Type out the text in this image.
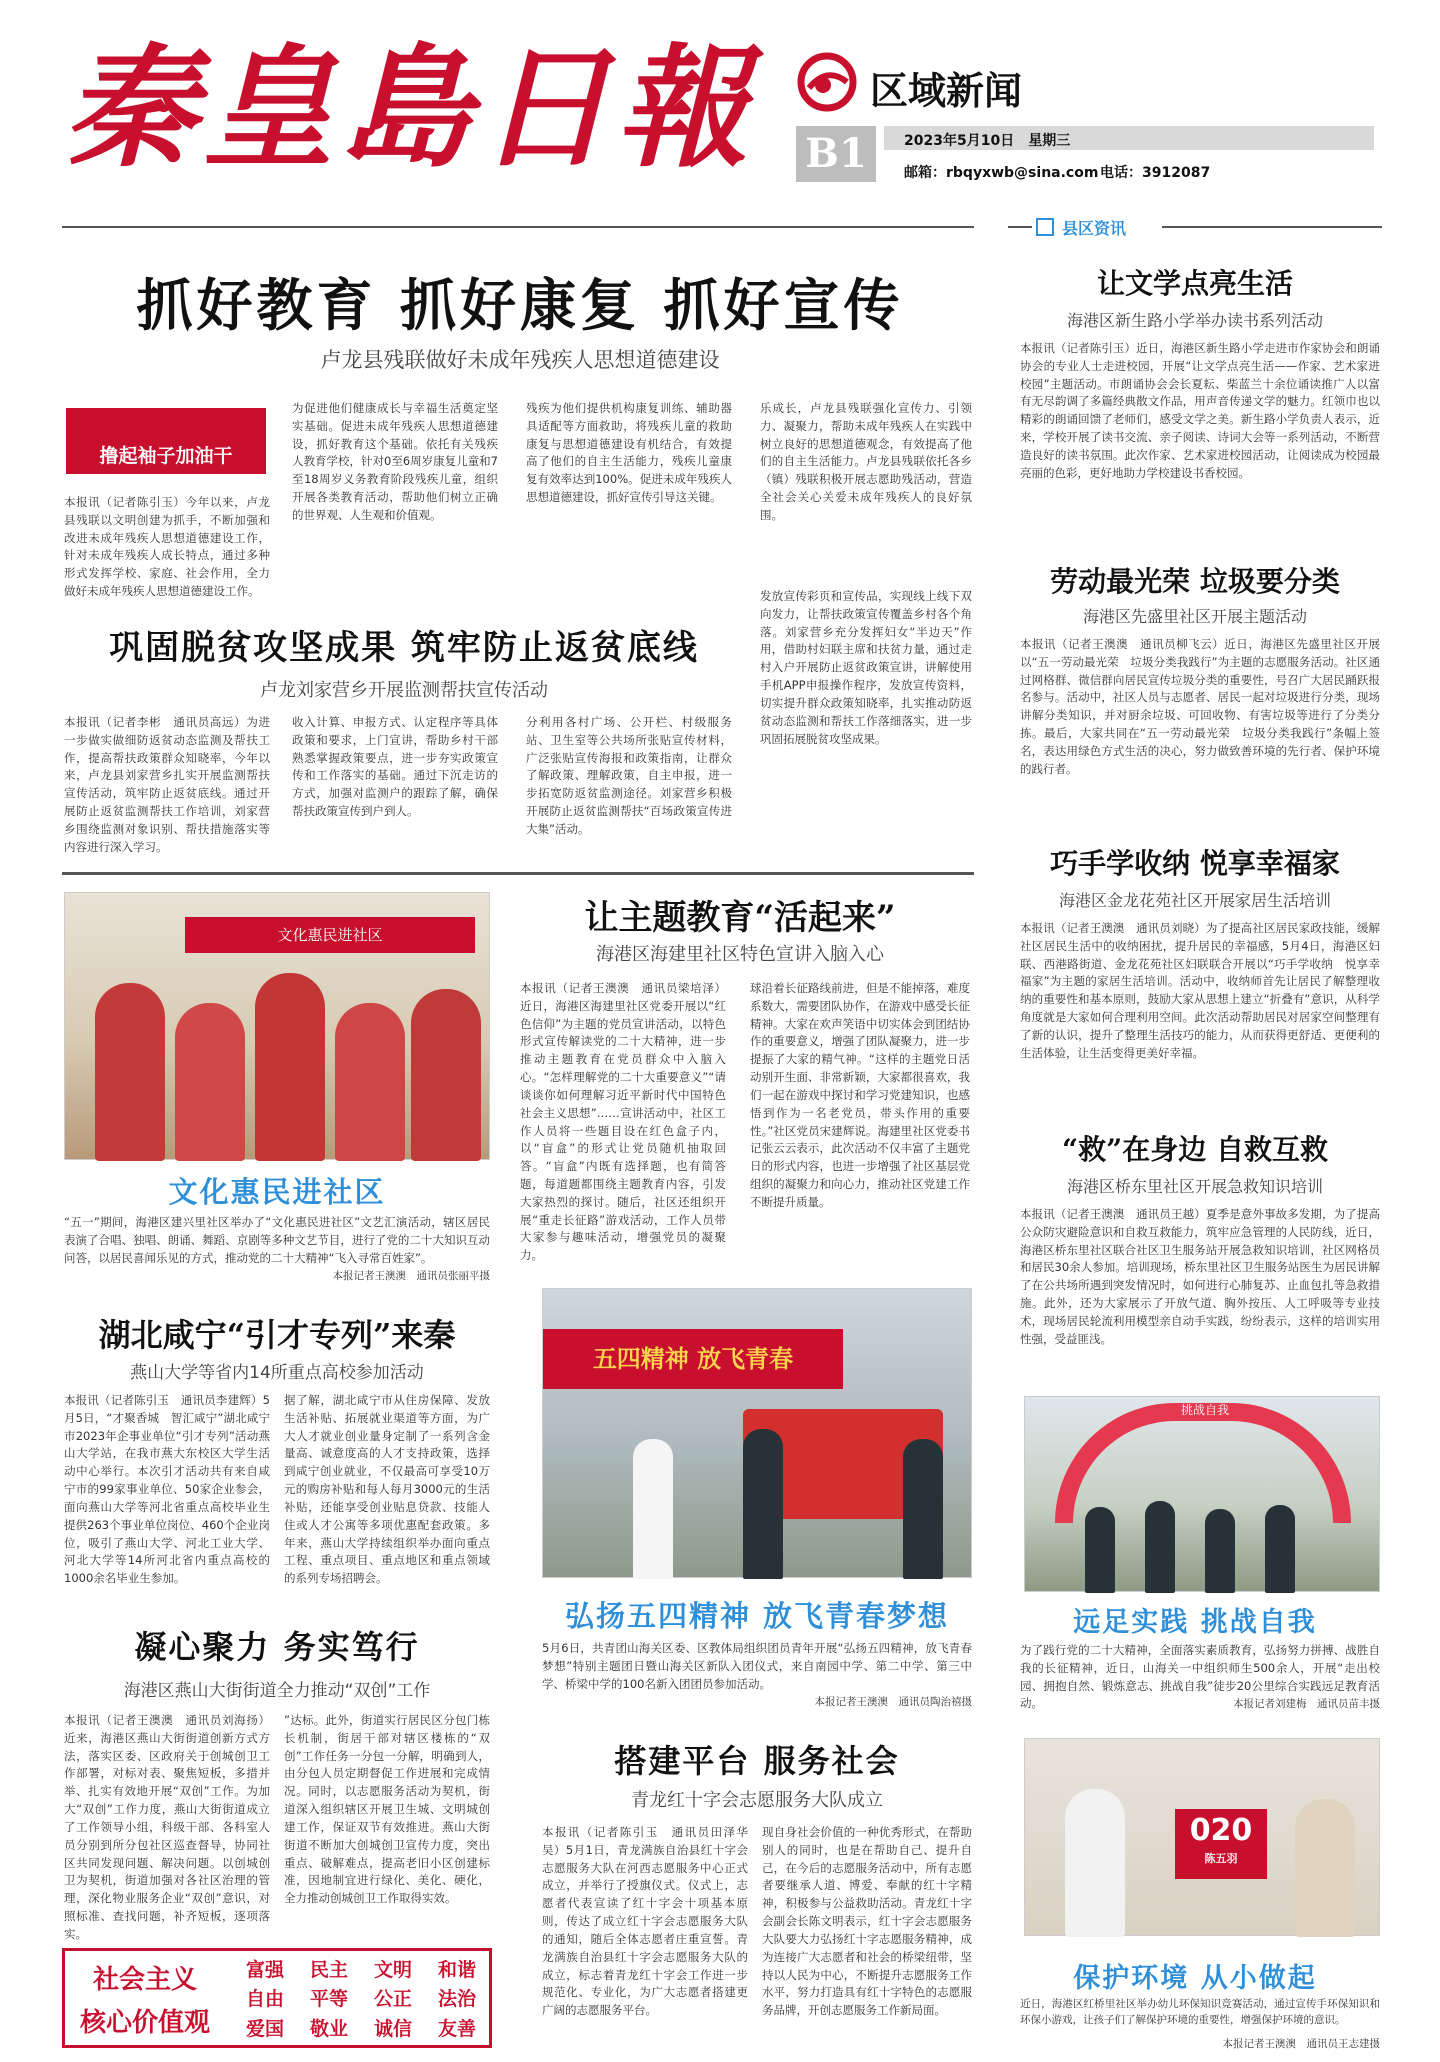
秦皇島日報	区域新闻
B1	2023年5月10日　星期三
邮箱：rbqyxwb@sina.com 电话：3912087
抓好教育 抓好康复 抓好宣传
卢龙县残联做好未成年残疾人思想道德建设

撸起袖子加油干
风雨无阻向前行

本报讯（记者陈引玉）今年以来，卢龙县残联以文明创建为抓手，不断加强和改进未成年残疾人思想道德建设工作，针对未成年残疾人成长特点，通过多种形式发挥学校、家庭、社会作用，全力做好未成年残疾人思想道德建设工作。
为促进他们健康成长与幸福生活奠定坚实基础。促进未成年残疾人思想道德建设，抓好教育这个基础。依托有关残疾人教育学校，针对0至6周岁康复儿童和7至18周岁义务教育阶段残疾儿童，组织开展各类教育活动，帮助他们树立正确的世界观、人生观和价值观。
残疾为他们提供机构康复训练、辅助器具适配等方面救助，将残疾儿童的救助康复与思想道德建设有机结合，有效提高了他们的自主生活能力，残疾儿童康复有效率达到100%。促进未成年残疾人思想道德建设，抓好宣传引导这关键。
乐成长，卢龙县残联强化宣传力、引领力、凝聚力，帮助未成年残疾人在实践中树立良好的思想道德观念，有效提高了他们的自主生活能力。卢龙县残联依托各乡（镇）残联积极开展志愿助残活动，营造全社会关心关爱未成年残疾人的良好氛围。
巩固脱贫攻坚成果 筑牢防止返贫底线
卢龙刘家营乡开展监测帮扶宣传活动
本报讯（记者李彬　通讯员高远）为进一步做实做细防返贫动态监测及帮扶工作，提高帮扶政策群众知晓率，今年以来，卢龙县刘家营乡扎实开展监测帮扶宣传活动，筑牢防止返贫底线。通过开展防止返贫监测帮扶工作培训，刘家营乡围绕监测对象识别、帮扶措施落实等内容进行深入学习。
收入计算、申报方式、认定程序等具体政策和要求，上门宣讲，帮助乡村干部熟悉掌握政策要点，进一步夯实政策宣传和工作落实的基础。通过下沉走访的方式，加强对监测户的跟踪了解，确保帮扶政策宣传到户到人。
分利用各村广场、公开栏、村级服务站、卫生室等公共场所张贴宣传材料，广泛张贴宣传海报和政策指南，让群众了解政策、理解政策，自主申报，进一步拓宽防返贫监测途径。刘家营乡积极开展防止返贫监测帮扶“百场政策宣传进大集”活动。
发放宣传彩页和宣传品，实现线上线下双向发力，让帮扶政策宣传覆盖乡村各个角落。刘家营乡充分发挥妇女“半边天”作用，借助村妇联主席和扶贫力量，通过走村入户开展防止返贫政策宣讲，讲解使用手机APP申报操作程序，发放宣传资料，切实提升群众政策知晓率，扎实推动防返贫动态监测和帮扶工作落细落实，进一步巩固拓展脱贫攻坚成果。
文化惠民进社区
文化惠民进社区
“五一”期间，海港区建兴里社区举办了“文化惠民进社区”文艺汇演活动，辖区居民表演了合唱、独唱、朗诵、舞蹈、京剧等多种文艺节目，进行了党的二十大知识互动问答，以居民喜闻乐见的方式，推动党的二十大精神“飞入寻常百姓家”。
本报记者王澳澳　通讯员张丽平摄
让主题教育“活起来”
海港区海建里社区特色宣讲入脑入心
本报讯（记者王澳澳　通讯员梁培泽）近日，海港区海建里社区党委开展以“红色信仰”为主题的党员宣讲活动，以特色形式宣传解读党的二十大精神，进一步推动主题教育在党员群众中入脑入心。“怎样理解党的二十大重要意义”“请谈谈你如何理解习近平新时代中国特色社会主义思想”……宣讲活动中，社区工作人员将一些题目设在红色盒子内，以“盲盒”的形式让党员随机抽取回答。“盲盒”内既有选择题，也有简答题，每道题都围绕主题教育内容，引发大家热烈的探讨。随后，社区还组织开展“重走长征路”游戏活动，工作人员带大家参与趣味活动，增强党员的凝聚力。
球沿着长征路线前进，但是不能掉落，难度系数大，需要团队协作，在游戏中感受长征精神。大家在欢声笑语中切实体会到团结协作的重要意义，增强了团队凝聚力，进一步提振了大家的精气神。“这样的主题党日活动别开生面、非常新颖，大家都很喜欢，我们一起在游戏中探讨和学习党建知识，也感悟到作为一名老党员，带头作用的重要性。”社区党员宋建辉说。海建里社区党委书记张云云表示，此次活动不仅丰富了主题党日的形式内容，也进一步增强了社区基层党组织的凝聚力和向心力，推动社区党建工作不断提升质量。
湖北咸宁“引才专列”来秦
燕山大学等省内14所重点高校参加活动
本报讯（记者陈引玉　通讯员李建辉）5月5日，“才聚香城　智汇咸宁”湖北咸宁市2023年企事业单位“引才专列”活动燕山大学站，在我市燕大东校区大学生活动中心举行。本次引才活动共有来自咸宁市的99家事业单位、50家企业参会，面向燕山大学等河北省重点高校毕业生提供263个事业单位岗位、460个企业岗位，吸引了燕山大学、河北工业大学、河北大学等14所河北省内重点高校的1000余名毕业生参加。
据了解，湖北咸宁市从住房保障、发放生活补贴、拓展就业渠道等方面，为广大人才就业创业量身定制了一系列含金量高、诚意度高的人才支持政策，选择到咸宁创业就业，不仅最高可享受10万元的购房补贴和每人每月3000元的生活补贴，还能享受创业贴息贷款、技能人住或人才公寓等多项优惠配套政策。多年来，燕山大学持续组织举办面向重点工程、重点项目、重点地区和重点领域的系列专场招聘会。
五四精神 放飞青春
弘扬五四精神 放飞青春梦想
5月6日，共青团山海关区委、区教体局组织团员青年开展“弘扬五四精神，放飞青春梦想”特别主题团日暨山海关区新队入团仪式，来自南园中学、第二中学、第三中学、桥梁中学的100名新入团团员参加活动。
本报记者王澳澳　通讯员陶治禧摄
凝心聚力 务实笃行
海港区燕山大街街道全力推动“双创”工作
本报讯（记者王澳澳　通讯员刘海扬）近来，海港区燕山大街街道创新方式方法，落实区委、区政府关于创城创卫工作部署，对标对表、聚焦短板，多措并举、扎实有效地开展“双创”工作。为加大“双创”工作力度，燕山大街街道成立了工作领导小组，科级干部、各科室人员分别到所分包社区巡查督导，协同社区共同发现问题、解决问题。以创城创卫为契机，街道加强对各社区治理的管理，深化物业服务企业“双创”意识，对照标准、查找问题，补齐短板，逐项落实。
”达标。此外，街道实行居民区分包门栋长机制，街居干部对辖区楼栋的“双创”工作任务一分包一分解，明确到人，由分包人员定期督促工作进展和完成情况。同时，以志愿服务活动为契机，街道深入组织辖区开展卫生城、文明城创建工作，保证双节有效推进。燕山大街街道不断加大创城创卫宣传力度，突出重点、破解难点，提高老旧小区创建标准，因地制宜进行绿化、美化、硬化，全力推动创城创卫工作取得实效。
搭建平台 服务社会
青龙红十字会志愿服务大队成立
本报讯（记者陈引玉　通讯员田泽华　吴）5月1日，青龙满族自治县红十字会志愿服务大队在河西志愿服务中心正式成立，并举行了授旗仪式。仪式上，志愿者代表宣读了红十字会十项基本原则，传达了成立红十字会志愿服务大队的通知，随后全体志愿者庄重宣誓。青龙满族自治县红十字会志愿服务大队的成立，标志着青龙红十字会工作进一步规范化、专业化，为广大志愿者搭建更广阔的志愿服务平台。
现自身社会价值的一种优秀形式，在帮助别人的同时，也是在帮助自己、提升自己，在今后的志愿服务活动中，所有志愿者要继承人道、博爱、奉献的红十字精神，积极参与公益救助活动。青龙红十字会副会长陈文明表示，红十字会志愿服务大队要大力弘扬红十字志愿服务精神，成为连接广大志愿者和社会的桥梁纽带，坚持以人民为中心，不断提升志愿服务工作水平，努力打造具有红十字特色的志愿服务品牌，开创志愿服务工作新局面。
社会主义
核心价值观
富强	民主	文明	和谐
自由	平等	公正	法治
爱国	敬业	诚信	友善
县区资讯
让文学点亮生活
海港区新生路小学举办读书系列活动
本报讯（记者陈引玉）近日，海港区新生路小学走进市作家协会和朗诵协会的专业人士走进校园，开展“让文学点亮生活——作家、艺术家进校园”主题活动。市朗诵协会会长夏耘、柴蓝兰十余位诵读推广人以富有无尽韵调了多篇经典散文作品，用声音传递文学的魅力。红领巾也以精彩的朗诵回馈了老师们，感受文学之美。新生路小学负责人表示，近来，学校开展了读书交流、亲子阅读、诗词大会等一系列活动，不断营造良好的读书氛围。此次作家、艺术家进校园活动，让阅读成为校园最亮丽的色彩，更好地助力学校建设书香校园。
劳动最光荣 垃圾要分类
海港区先盛里社区开展主题活动
本报讯（记者王澳澳　通讯员柳飞云）近日，海港区先盛里社区开展以“五一劳动最光荣　垃圾分类我践行”为主题的志愿服务活动。社区通过网格群、微信群向居民宣传垃圾分类的重要性，号召广大居民踊跃报名参与。活动中，社区人员与志愿者、居民一起对垃圾进行分类，现场讲解分类知识，并对厨余垃圾、可回收物、有害垃圾等进行了分类分拣。最后，大家共同在“五一劳动最光荣　垃圾分类我践行”条幅上签名，表达用绿色方式生活的决心，努力做致善环境的先行者、保护环境的践行者。
巧手学收纳 悦享幸福家
海港区金龙花苑社区开展家居生活培训
本报讯（记者王澳澳　通讯员刘晓）为了提高社区居民家政技能，缓解社区居民生活中的收纳困扰，提升居民的幸福感，5月4日，海港区妇联、西港路街道、金龙花苑社区妇联联合开展以“巧手学收纳　悦享幸福家”为主题的家居生活培训。活动中，收纳师首先让居民了解整理收纳的重要性和基本原则，鼓励大家从思想上建立“折叠有”意识，从科学角度就是大家如何合理利用空间。此次活动帮助居民对居家空间整理有了新的认识，提升了整理生活技巧的能力，从而获得更舒适、更便利的生活体验，让生活变得更美好幸福。
“救”在身边 自救互救
海港区桥东里社区开展急救知识培训
本报讯（记者王澳澳　通讯员王越）夏季是意外事故多发期，为了提高公众防灾避险意识和自救互救能力，筑牢应急管理的人民防线，近日，海港区桥东里社区联合社区卫生服务站开展急救知识培训，社区网格员和居民30余人参加。培训现场，桥东里社区卫生服务站医生为居民讲解了在公共场所遇到突发情况时，如何进行心肺复苏、止血包扎等急救措施。此外，还为大家展示了开放气道、胸外按压、人工呼吸等专业技术，现场居民轮流利用模型亲自动手实践，纷纷表示，这样的培训实用性强，受益匪浅。
挑战自我
远足实践 挑战自我
为了践行党的二十大精神，全面落实素质教育，弘扬努力拼搏、战胜自我的长征精神，近日，山海关一中组织师生500余人，开展“走出校园、拥抱自然、锻炼意志、挑战自我”徒步20公里综合实践远足教育活动。	本报记者刘建梅　通讯员苗丰摄
020
陈五羽
保护环境 从小做起
近日，海港区红桥里社区举办幼儿环保知识竞赛活动，通过宣传手环保知识和环保小游戏，让孩子们了解保护环境的重要性，增强保护环境的意识。
本报记者王澳澳　通讯员王志建摄
